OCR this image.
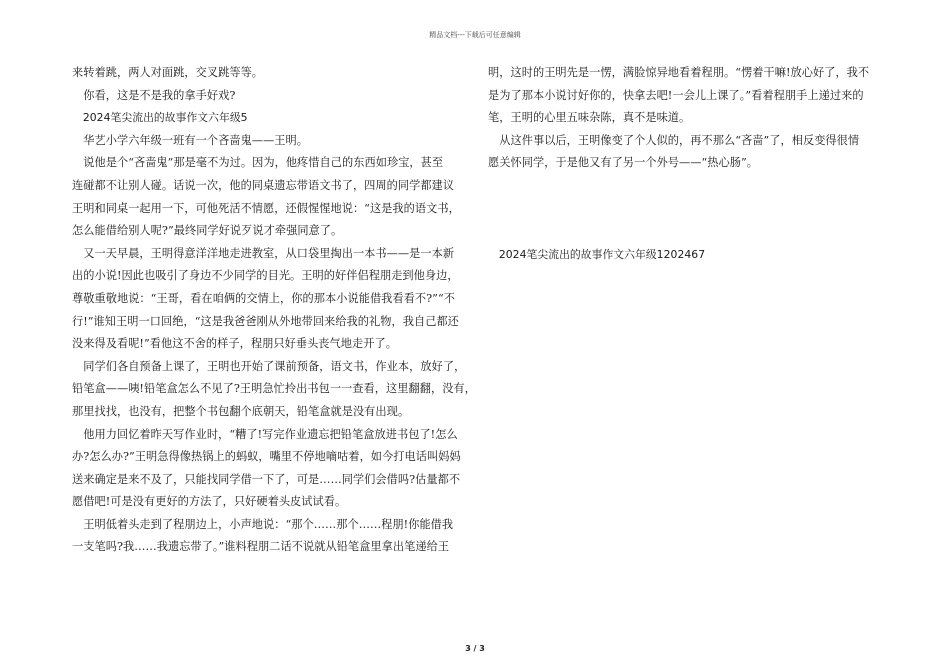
精品文档---下载后可任意编辑
来转着跳，两人对面跳，交叉跳等等。
　你看，这是不是我的拿手好戏?
　2024笔尖流出的故事作文六年级5
　华艺小学六年级一班有一个吝啬鬼——王明。
　说他是个“吝啬鬼”那是毫不为过。因为，他疼惜自己的东西如珍宝，甚至
连碰都不让别人碰。话说一次，他的同桌遗忘带语文书了，四周的同学都建议
王明和同桌一起用一下，可他死活不情愿，还假惺惺地说：“这是我的语文书，
怎么能借给别人呢?”最终同学好说歹说才牵强同意了。
　又一天早晨，王明得意洋洋地走进教室，从口袋里掏出一本书——是一本新
出的小说!因此也吸引了身边不少同学的目光。王明的好伴侣程朋走到他身边，
尊敬重敬地说：“王哥，看在咱俩的交情上，你的那本小说能借我看看不?”“不
行!”谁知王明一口回绝，“这是我爸爸刚从外地带回来给我的礼物，我自己都还
没来得及看呢!”看他这不舍的样子，程朋只好垂头丧气地走开了。
　同学们各自预备上课了，王明也开始了课前预备，语文书，作业本，放好了，
铅笔盒——咦!铅笔盒怎么不见了?王明急忙拎出书包一一查看，这里翻翻，没有，
那里找找，也没有，把整个书包翻个底朝天，铅笔盒就是没有出现。
　他用力回忆着昨天写作业时，“糟了!写完作业遗忘把铅笔盒放进书包了!怎么
办?怎么办?”王明急得像热锅上的蚂蚁，嘴里不停地嘀咕着，如今打电话叫妈妈
送来确定是来不及了，只能找同学借一下了，可是……同学们会借吗?估量都不
愿借吧!可是没有更好的方法了，只好硬着头皮试试看。
　王明低着头走到了程朋边上，小声地说：“那个……那个……程朋!你能借我
一支笔吗?我……我遗忘带了。”谁料程朋二话不说就从铅笔盒里拿出笔递给王
明，这时的王明先是一愣，满脸惊异地看着程朋。“愣着干嘛!放心好了，我不
是为了那本小说讨好你的，快拿去吧!一会儿上课了。”看着程朋手上递过来的
笔，王明的心里五味杂陈，真不是味道。
　从这件事以后，王明像变了个人似的，再不那么“吝啬”了，相反变得很情
愿关怀同学，于是他又有了另一个外号——“热心肠”。
　2024笔尖流出的故事作文六年级1202467
3 / 3
